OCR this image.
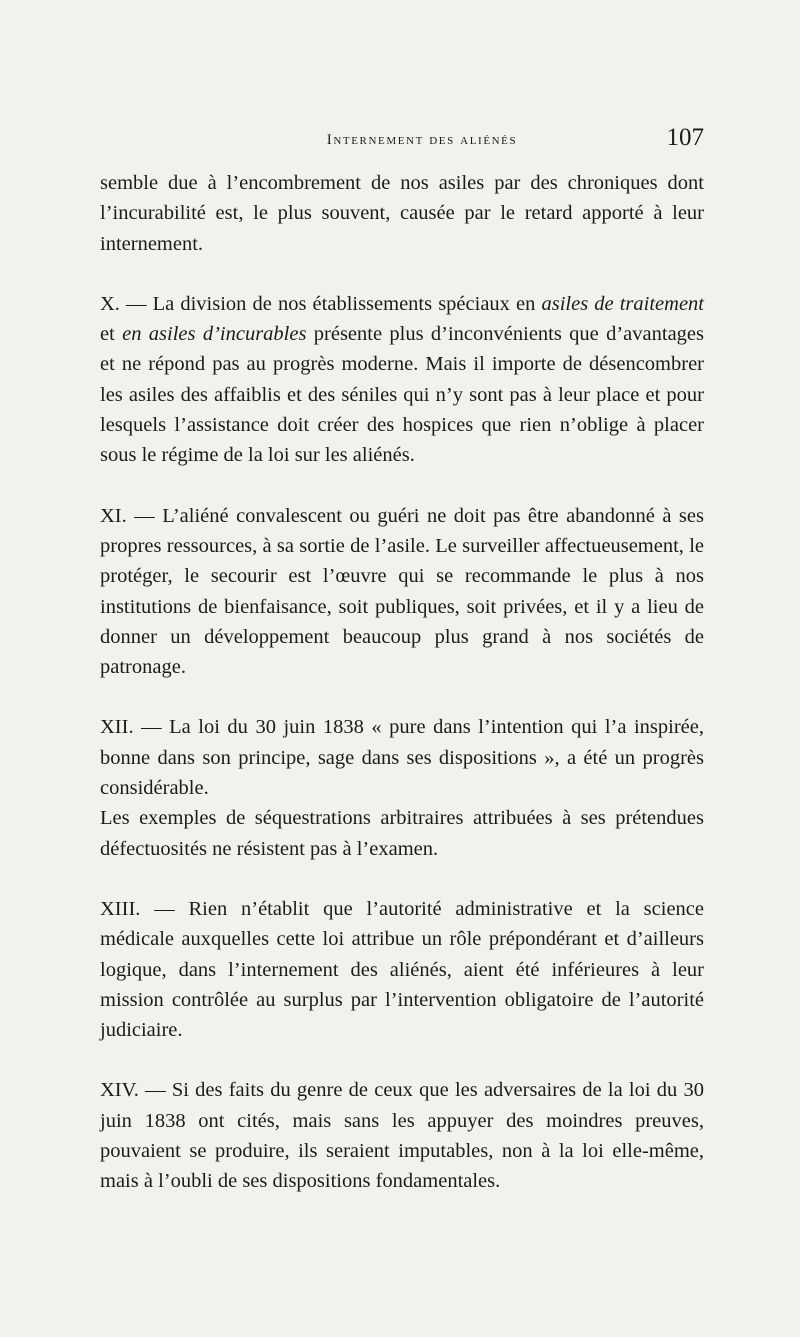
Internement des aliénés	107

semble due à l’encombrement de nos asiles par des chroniques dont l’incurabilité est, le plus souvent, causée par le retard apporté à leur internement.

X. — La division de nos établissements spéciaux en asiles de traitement et en asiles d’incurables présente plus d’inconvénients que d’avantages et ne répond pas au progrès moderne. Mais il importe de désencombrer les asiles des affaiblis et des séniles qui n’y sont pas à leur place et pour lesquels l’assistance doit créer des hospices que rien n’oblige à placer sous le régime de la loi sur les aliénés.

XI. — L’aliéné convalescent ou guéri ne doit pas être abandonné à ses propres ressources, à sa sortie de l’asile. Le surveiller affectueusement, le protéger, le secourir est l’œuvre qui se recommande le plus à nos institutions de bienfaisance, soit publiques, soit privées, et il y a lieu de donner un développement beaucoup plus grand à nos sociétés de patronage.

XII. — La loi du 30 juin 1838 « pure dans l’intention qui l’a inspirée, bonne dans son principe, sage dans ses dispositions », a été un progrès considérable.

Les exemples de séquestrations arbitraires attribuées à ses prétendues défectuosités ne résistent pas à l’examen.

XIII. — Rien n’établit que l’autorité administrative et la science médicale auxquelles cette loi attribue un rôle prépondérant et d’ailleurs logique, dans l’internement des aliénés, aient été inférieures à leur mission contrôlée au surplus par l’intervention obligatoire de l’autorité judiciaire.

XIV. — Si des faits du genre de ceux que les adversaires de la loi du 30 juin 1838 ont cités, mais sans les appuyer des moindres preuves, pouvaient se produire, ils seraient imputables, non à la loi elle-même, mais à l’oubli de ses dispositions fondamentales.
